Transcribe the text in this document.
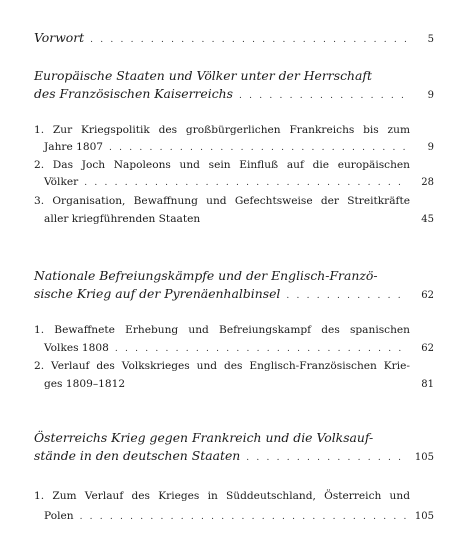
Vorwort . . .	5
Europäische Staaten und Völker unter der Herrschaft
des Französischen Kaiserreichs . . .	9
1. Zur Kriegspolitik des großbürgerlichen Frankreichs bis zum
Jahre 1807 . . .	9
2. Das Joch Napoleons und sein Einfluß auf die europäischen
Völker . . .	28
3. Organisation, Bewaffnung und Gefechtsweise der Streitkräfte
aller kriegführenden Staaten	45
Nationale Befreiungskämpfe und der Englisch-Franzö-
sische Krieg auf der Pyrenäenhalbinsel . . .	62
1. Bewaffnete Erhebung und Befreiungskampf des spanischen
Volkes 1808 . . .	62
2. Verlauf des Volkskrieges und des Englisch-Französischen Krie-
ges 1809–1812	81
Österreichs Krieg gegen Frankreich und die Volksauf-
stände in den deutschen Staaten . . .	105
1. Zum Verlauf des Krieges in Süddeutschland, Österreich und
Polen . . .	105
